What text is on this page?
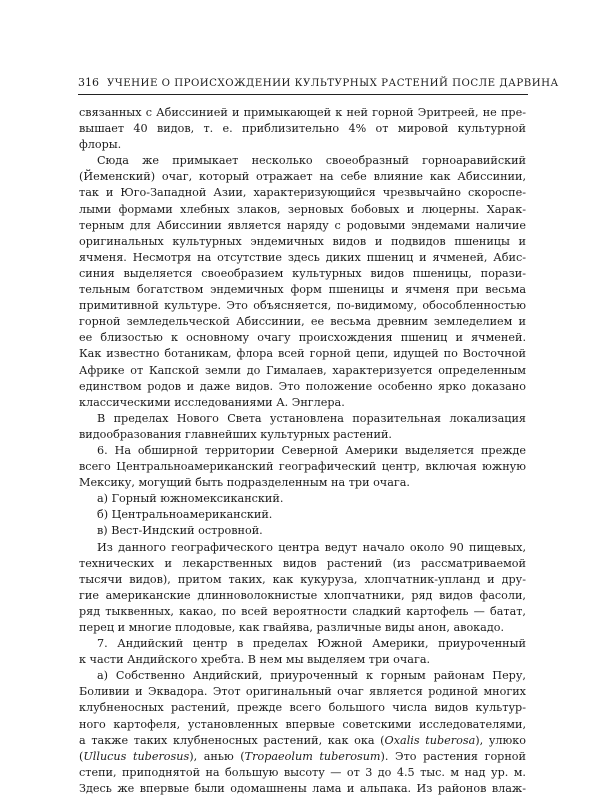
316 УЧЕНИЕ О ПРОИСХОЖДЕНИИ КУЛЬТУРНЫХ РАСТЕНИЙ ПОСЛЕ ДАРВИНА
связанных с Абиссинией и примыкающей к ней горной Эритреей, не пре-
вышает 40 видов, т. е. приблизительно 4% от мировой культурной
флоры.
Сюда же примыкает несколько своеобразный горноаравийский
(Йеменский) очаг, который отражает на себе влияние как Абиссинии,
так и Юго-Западной Азии, характеризующийся чрезвычайно скороспе-
лыми формами хлебных злаков, зерновых бобовых и люцерны. Харак-
терным для Абиссинии является наряду с родовыми эндемами наличие
оригинальных культурных эндемичных видов и подвидов пшеницы и
ячменя. Несмотря на отсутствие здесь диких пшениц и ячменей, Абис-
синия выделяется своеобразием культурных видов пшеницы, порази-
тельным богатством эндемичных форм пшеницы и ячменя при весьма
примитивной культуре. Это объясняется, по-видимому, обособленностью
горной земледельческой Абиссинии, ее весьма древним земледелием и
ее близостью к основному очагу происхождения пшениц и ячменей.
Как известно ботаникам, флора всей горной цепи, идущей по Восточной
Африке от Капской земли до Гималаев, характеризуется определенным
единством родов и даже видов. Это положение особенно ярко доказано
классическими исследованиями А. Энглера.
В пределах Нового Света установлена поразительная локализация
видообразования главнейших культурных растений.
6. На обширной территории Северной Америки выделяется прежде
всего Центральноамериканский географический центр, включая южную
Мексику, могущий быть подразделенным на три очага.
а) Горный южномексиканский.
б) Центральноамериканский.
в) Вест-Индский островной.
Из данного географического центра ведут начало около 90 пищевых,
технических и лекарственных видов растений (из рассматриваемой
тысячи видов), притом таких, как кукуруза, хлопчатник-упланд и дру-
гие американские длинноволокнистые хлопчатники, ряд видов фасоли,
ряд тыквенных, какао, по всей вероятности сладкий картофель — батат,
перец и многие плодовые, как гвайява, различные виды анон, авокадо.
7. Андийский центр в пределах Южной Америки, приуроченный
к части Андийского хребта. В нем мы выделяем три очага.
а) Собственно Андийский, приуроченный к горным районам Перу,
Боливии и Эквадора. Этот оригинальный очаг является родиной многих
клубненосных растений, прежде всего большого числа видов культур-
ного картофеля, установленных впервые советскими исследователями,
а также таких клубненосных растений, как ока (Oxalis tuberosa), улюко
(Ullucus tuberosus), анью (Tropaeolum tuberosum). Это растения горной
степи, приподнятой на большую высоту — от 3 до 4.5 тыс. м над ур. м.
Здесь же впервые были одомашнены лама и альпака. Из районов влаж-
